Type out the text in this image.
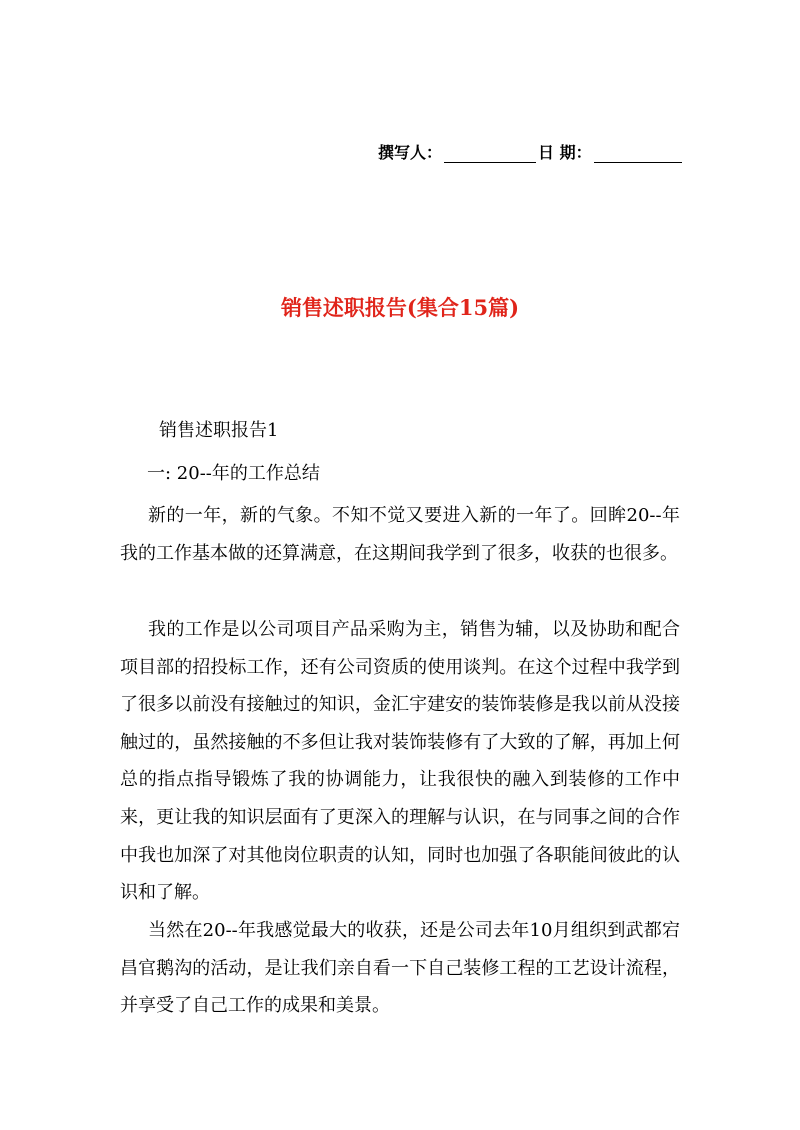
撰写人：	日 期：
销售述职报告(集合15篇)
销售述职报告1
一: 20--年的工作总结

新的一年，新的气象。不知不觉又要进入新的一年了。回眸20--年我的工作基本做的还算满意，在这期间我学到了很多，收获的也很多。

我的工作是以公司项目产品采购为主，销售为辅，以及协助和配合项目部的招投标工作，还有公司资质的使用谈判。在这个过程中我学到了很多以前没有接触过的知识，金汇宇建安的装饰装修是我以前从没接触过的，虽然接触的不多但让我对装饰装修有了大致的了解，再加上何总的指点指导锻炼了我的协调能力，让我很快的融入到装修的工作中来，更让我的知识层面有了更深入的理解与认识，在与同事之间的合作中我也加深了对其他岗位职责的认知，同时也加强了各职能间彼此的认识和了解。

当然在20--年我感觉最大的收获，还是公司去年10月组织到武都宕昌官鹅沟的活动，是让我们亲自看一下自己装修工程的工艺设计流程，并享受了自己工作的成果和美景。
